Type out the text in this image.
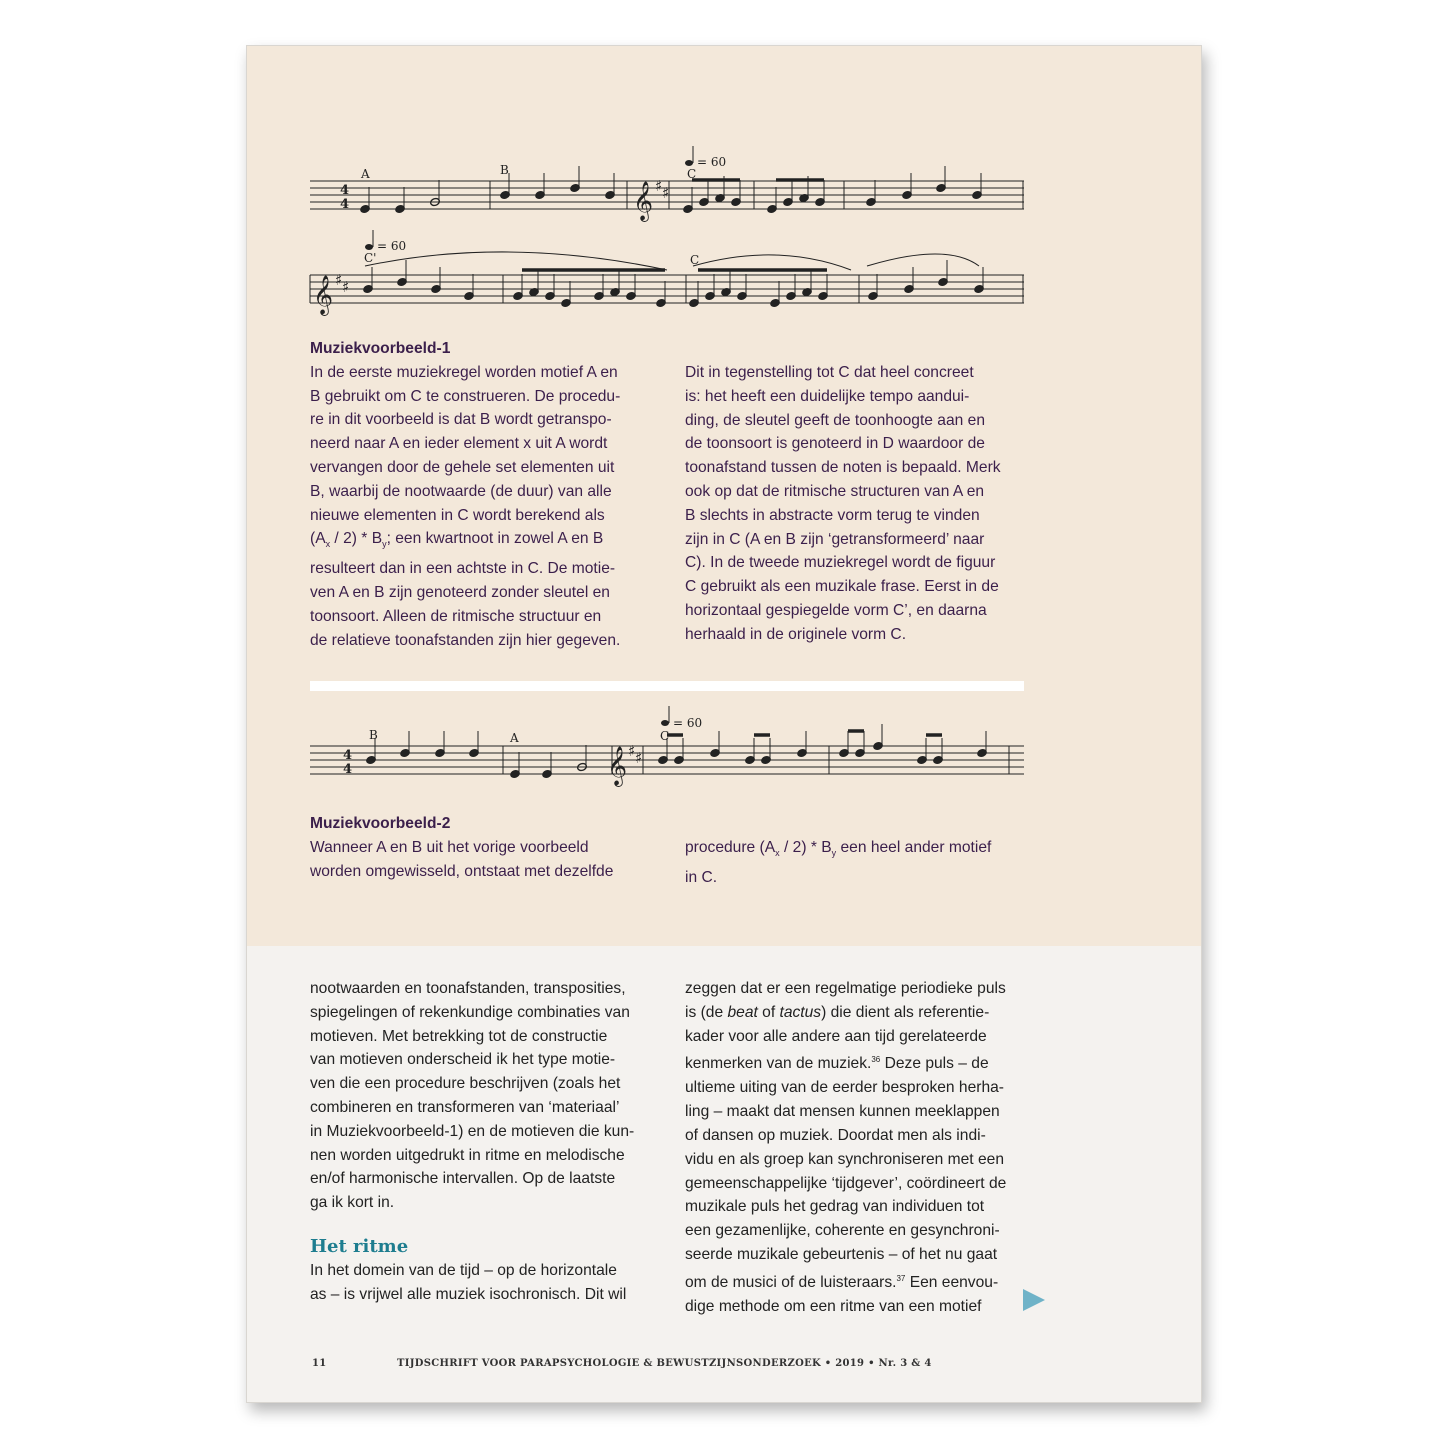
4
4
4
4
𝄞 ♯ ♯
𝄞 ♯ ♯
𝄞 ♯ ♯
A	B	C
C'	C
B	A	C
= 60
= 60
= 60
Muziekvoorbeeld-1

In de eerste muziekregel worden motief A en

B gebruikt om C te construeren. De procedu-

re in dit voorbeeld is dat B wordt getranspo-

neerd naar A en ieder element x uit A wordt

vervangen door de gehele set elementen uit

B, waarbij de nootwaarde (de duur) van alle

nieuwe elementen in C wordt berekend als

$(A_x / 2) * B_y$; een kwartnoot in zowel A en B

resulteert dan in een achtste in C. De motie-

ven A en B zijn genoteerd zonder sleutel en

toonsoort. Alleen de ritmische structuur en

de relatieve toonafstanden zijn hier gegeven.

Dit in tegenstelling tot C dat heel concreet

is: het heeft een duidelijke tempo aandui-

ding, de sleutel geeft de toonhoogte aan en

de toonsoort is genoteerd in D waardoor de

toonafstand tussen de noten is bepaald. Merk

ook op dat de ritmische structuren van A en

B slechts in abstracte vorm terug te vinden

zijn in C (A en B zijn ‘getransformeerd’ naar

C). In de tweede muziekregel wordt de figuur

C gebruikt als een muzikale frase. Eerst in de

horizontaal gespiegelde vorm C’, en daarna

herhaald in de originele vorm C.

Muziekvoorbeeld-2

Wanneer A en B uit het vorige voorbeeld

worden omgewisseld, ontstaat met dezelfde

procedure $(A_x / 2) * B_y$ een heel ander motief

in C.

nootwaarden en toonafstanden, transposities,

spiegelingen of rekenkundige combinaties van

motieven. Met betrekking tot de constructie

van motieven onderscheid ik het type motie-

ven die een procedure beschrijven (zoals het

combineren en transformeren van ‘materiaal’

in Muziekvoorbeeld-1) en de motieven die kun-

nen worden uitgedrukt in ritme en melodische

en/of harmonische intervallen. Op de laatste

ga ik kort in.

Het ritme

In het domein van de tijd – op de horizontale

as – is vrijwel alle muziek isochronisch. Dit wil

zeggen dat er een regelmatige periodieke puls

is (de beat of tactus) die dient als referentie-

kader voor alle andere aan tijd gerelateerde

kenmerken van de muziek.$^{36}$ Deze puls – de

ultieme uiting van de eerder besproken herha-

ling – maakt dat mensen kunnen meeklappen

of dansen op muziek. Doordat men als indi-

vidu en als groep kan synchroniseren met een

gemeenschappelijke ‘tijdgever’, coördineert de

muzikale puls het gedrag van individuen tot

een gezamenlijke, coherente en gesynchroni-

seerde muzikale gebeurtenis – of het nu gaat

om de musici of de luisteraars.$^{37}$ Een eenvou-

dige methode om een ritme van een motief

11	TIJDSCHRIFT VOOR PARAPSYCHOLOGIE & BEWUSTZIJNSONDERZOEK • 2019 • Nr. 3 & 4
